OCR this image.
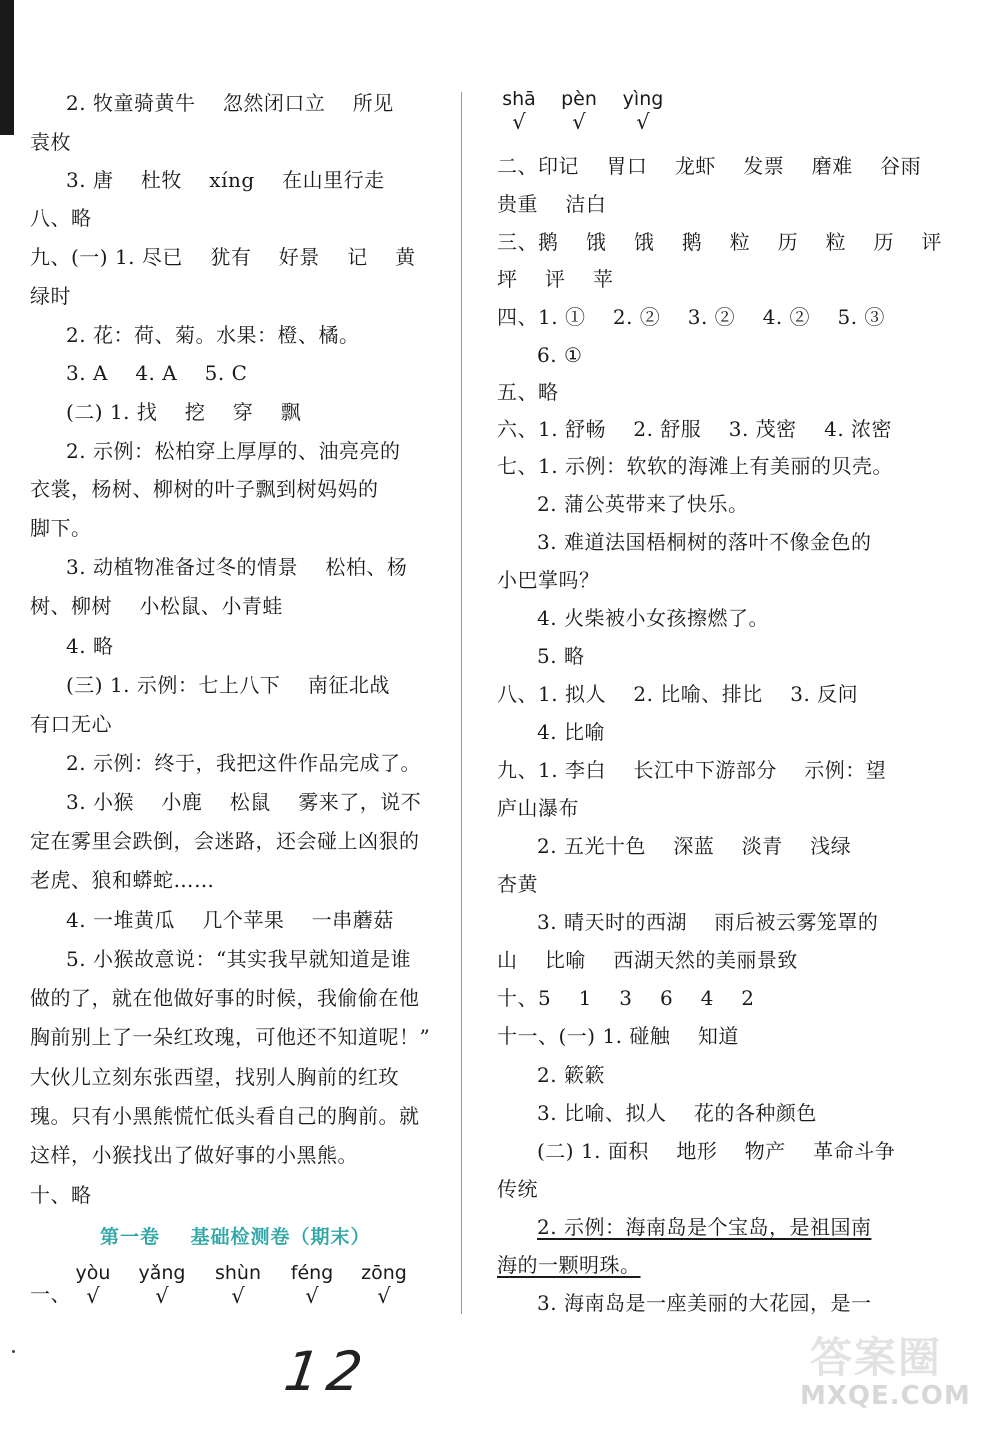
2. 牧童骑黄牛    忽然闭口立    所见
袁枚
3. 唐    杜牧    xíng    在山里行走
八、略
九、(一) 1. 尽已    犹有    好景    记    黄
绿时
2. 花：荷、菊。水果：橙、橘。
3. A    4. A    5. C
(二) 1. 找    挖    穿    飘
2. 示例：松柏穿上厚厚的、油亮亮的
衣裳，杨树、柳树的叶子飘到树妈妈的
脚下。
3. 动植物准备过冬的情景    松柏、杨
树、柳树    小松鼠、小青蛙
4. 略
(三) 1. 示例：七上八下    南征北战
有口无心
2. 示例：终于，我把这件作品完成了。
3. 小猴    小鹿    松鼠    雾来了，说不
定在雾里会跌倒，会迷路，还会碰上凶狠的
老虎、狼和蟒蛇……
4. 一堆黄瓜    几个苹果    一串蘑菇
5. 小猴故意说：“其实我早就知道是谁
做的了，就在他做好事的时候，我偷偷在他
胸前别上了一朵红玫瑰，可他还不知道呢！”
大伙儿立刻东张西望，找别人胸前的红玫
瑰。只有小黑熊慌忙低头看自己的胸前。就
这样，小猴找出了做好事的小黑熊。
十、略
第一卷    基础检测卷（期末）
一、
yòu
√
yǎng
√
shùn
√
féng
√
zōng
√
shā
√
pèn
√
yìng
√
二、印记    胃口    龙虾    发票    磨难    谷雨
贵重    洁白
三、鹅    饿    饿    鹅    粒    历    粒    历    评
坪    评    苹
四、1. ①    2. ②    3. ②    4. ②    5. ③
6. ①
五、略
六、1. 舒畅    2. 舒服    3. 茂密    4. 浓密
七、1. 示例：软软的海滩上有美丽的贝壳。
2. 蒲公英带来了快乐。
3. 难道法国梧桐树的落叶不像金色的
小巴掌吗？
4. 火柴被小女孩擦燃了。
5. 略
八、1. 拟人    2. 比喻、排比    3. 反问
4. 比喻
九、1. 李白    长江中下游部分    示例：望
庐山瀑布
2. 五光十色    深蓝    淡青    浅绿
杏黄
3. 晴天时的西湖    雨后被云雾笼罩的
山    比喻    西湖天然的美丽景致
十、5    1    3    6    4    2
十一、(一) 1. 碰触    知道
2. 簌簌
3. 比喻、拟人    花的各种颜色
(二) 1. 面积    地形    物产    革命斗争
传统
2. 示例：海南岛是个宝岛，是祖国南
海的一颗明珠。
3. 海南岛是一座美丽的大花园，是一
12	答案圈
MXQE.COM
